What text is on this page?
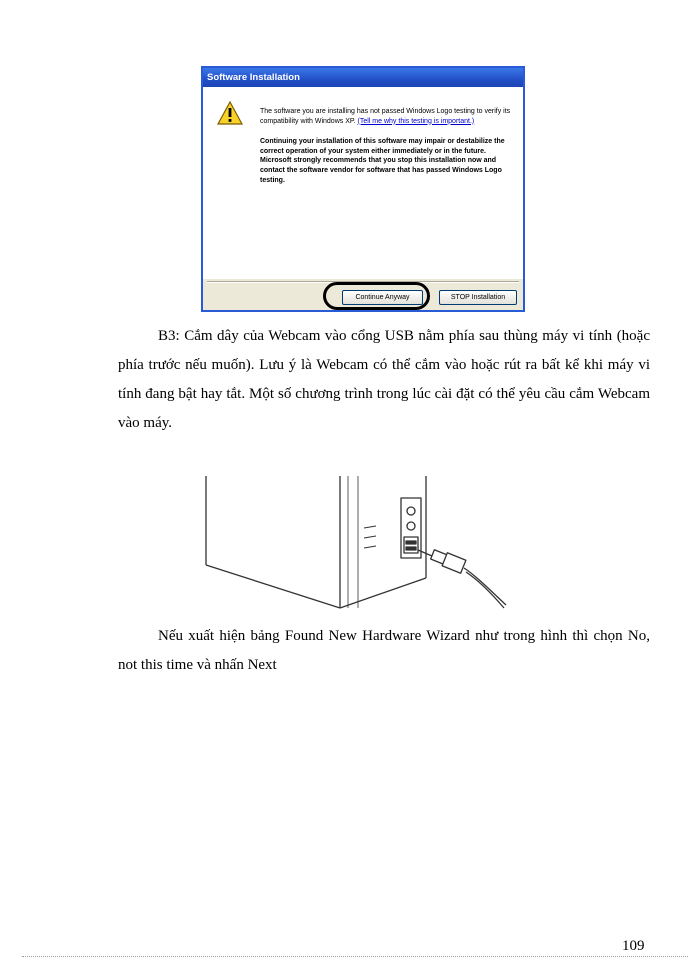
Software Installation

The software you are installing has not passed Windows Logo testing to verify its compatibility with Windows XP. (Tell me why this testing is important.)

Continuing your installation of this software may impair or destabilize the correct operation of your system either immediately or in the future. Microsoft strongly recommends that you stop this installation now and contact the software vendor for software that has passed Windows Logo testing.

Continue Anyway	STOP Installation

B3: Cắm dây của Webcam vào cổng USB nằm phía sau thùng máy vi tính (hoặc phía trước nếu muốn). Lưu ý là Webcam có thể cắm vào hoặc rút ra bất kể khi máy vi tính đang bật hay tắt. Một số chương trình trong lúc cài đặt có thể yêu cầu cắm Webcam vào máy.

Nếu xuất hiện bảng Found New Hardware Wizard như trong hình thì chọn No, not this time và nhấn Next

109
